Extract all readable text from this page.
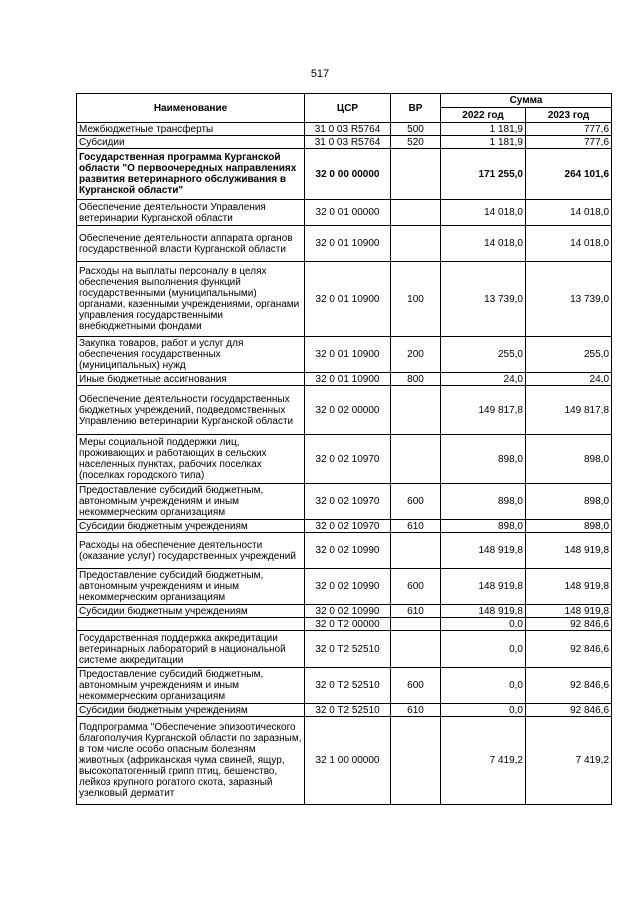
517
Наименование	ЦСР	ВР	Сумма	
			2022 год	2023 год
Межбюджетные трансферты	31 0 03 R5764	500	1 181,9	777,6
Субсидии	31 0 03 R5764	520	1 181,9	777,6
Государственная программа Курганской области "О первоочередных направлениях развития ветеринарного обслуживания в Курганской области"	32 0 00 00000		171 255,0	264 101,6
Обеспечение деятельности Управления ветеринарии Курганской области	32 0 01 00000		14 018,0	14 018,0
Обеспечение деятельности аппарата органов государственной власти Курганской области	32 0 01 10900		14 018,0	14 018,0
Расходы на выплаты персоналу в целях обеспечения выполнения функций государственными (муниципальными) органами, казенными учреждениями, органами управления государственными внебюджетными фондами	32 0 01 10900	100	13 739,0	13 739,0
Закупка товаров, работ и услуг для обеспечения государственных (муниципальных) нужд	32 0 01 10900	200	255,0	255,0
Иные бюджетные ассигнования	32 0 01 10900	800	24,0	24,0
Обеспечение деятельности государственных бюджетных учреждений, подведомственных Управлению ветеринарии Курганской области	32 0 02 00000		149 817,8	149 817,8
Меры социальной поддержки лиц, проживающих и работающих в сельских населенных пунктах, рабочих поселках (поселках городского типа)	32 0 02 10970		898,0	898,0
Предоставление субсидий бюджетным, автономным учреждениям и иным некоммерческим организациям	32 0 02 10970	600	898,0	898,0
Субсидии бюджетным учреждениям	32 0 02 10970	610	898,0	898,0
Расходы на обеспечение деятельности (оказание услуг) государственных учреждений	32 0 02 10990		148 919,8	148 919,8
Предоставление субсидий бюджетным, автономным учреждениям и иным некоммерческим организациям	32 0 02 10990	600	148 919,8	148 919,8
Субсидии бюджетным учреждениям	32 0 02 10990	610	148 919,8	148 919,8
	32 0 T2 00000		0,0	92 846,6
Государственная поддержка аккредитации ветеринарных лабораторий в национальной системе аккредитации	32 0 T2 52510		0,0	92 846,6
Предоставление субсидий бюджетным, автономным учреждениям и иным некоммерческим организациям	32 0 T2 52510	600	0,0	92 846,6
Субсидии бюджетным учреждениям	32 0 T2 52510	610	0,0	92 846,6
Подпрограмма "Обеспечение эпизоотического благополучия Курганской области по заразным, в том числе особо опасным болезням животных (африканская чума свиней, ящур, высокопатогенный грипп птиц, бешенство, лейкоз крупного рогатого скота, заразный узелковый дерматит	32 1 00 00000		7 419,2	7 419,2
